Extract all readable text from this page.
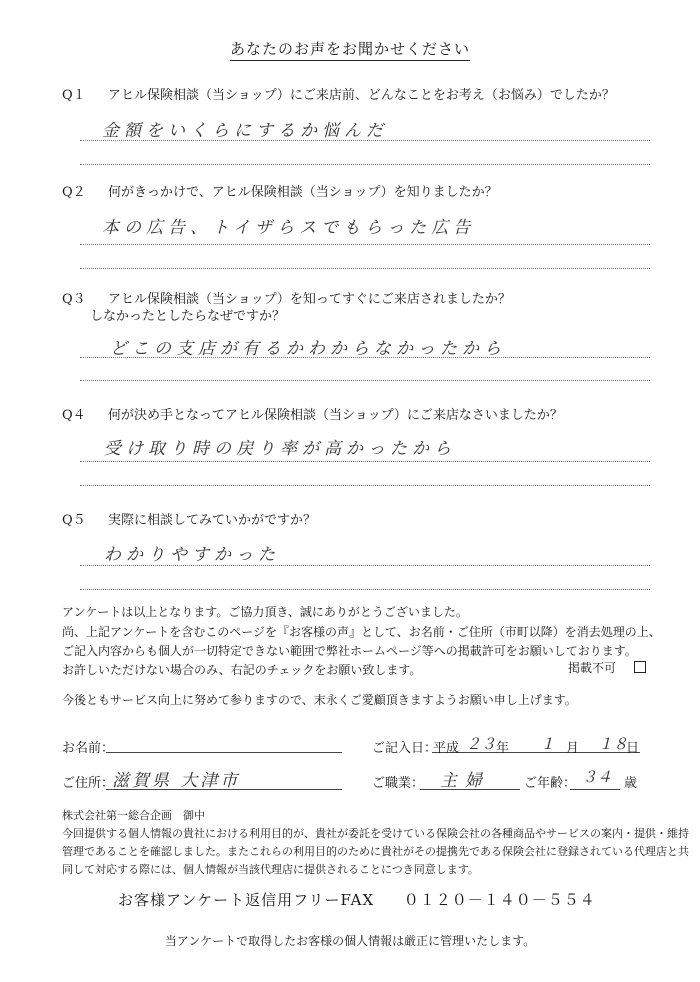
あなたのお声をお聞かせください
Q１ アヒル保険相談（当ショップ）にご来店前、どんなことをお考え（お悩み）でしたか？
金額をいくらにするか悩んだ
Q２ 何がきっかけで、アヒル保険相談（当ショップ）を知りましたか？
本の広告、トイザらスでもらった広告
Q３ アヒル保険相談（当ショップ）を知ってすぐにご来店されましたか？
しなかったとしたらなぜですか？
どこの支店が有るかわからなかったから
Q４ 何が決め手となってアヒル保険相談（当ショップ）にご来店なさいましたか？
受け取り時の戻り率が高かったから
Q５ 実際に相談してみていかがですか？
わかりやすかった
アンケートは以上となります。ご協力頂き、誠にありがとうございました。
尚、上記アンケートを含むこのページを『お客様の声』として、お名前・ご住所（市町以降）を消去処理の上、
ご記入内容からも個人が一切特定できない範囲で弊社ホームページ等への掲載許可をお願いしております。
お許しいただけない場合のみ、右記のチェックをお願い致します。	掲載不可
今後ともサービス向上に努めて参りますので、末永くご愛顧頂きますようお願い申し上げます。
お名前：	ご記入日：
平成 ２３ 年 １ 月 １８
日
ご住所：
滋賀県 大津市	ご職業： 主婦	ご年齢： ３４ 歳
株式会社第一総合企画　御中
今回提供する個人情報の貴社における利用目的が、貴社が委託を受けている保険会社の各種商品やサービスの案内・提供・維持
管理であることを確認しました。またこれらの利用目的のために貴社がその提携先である保険会社に登録されている代理店と共
同して対応する際には、個人情報が当該代理店に提供されることにつき同意します。
お客様アンケート返信用フリーFAX ０１２０－１４０－５５４
当アンケートで取得したお客様の個人情報は厳正に管理いたします。
